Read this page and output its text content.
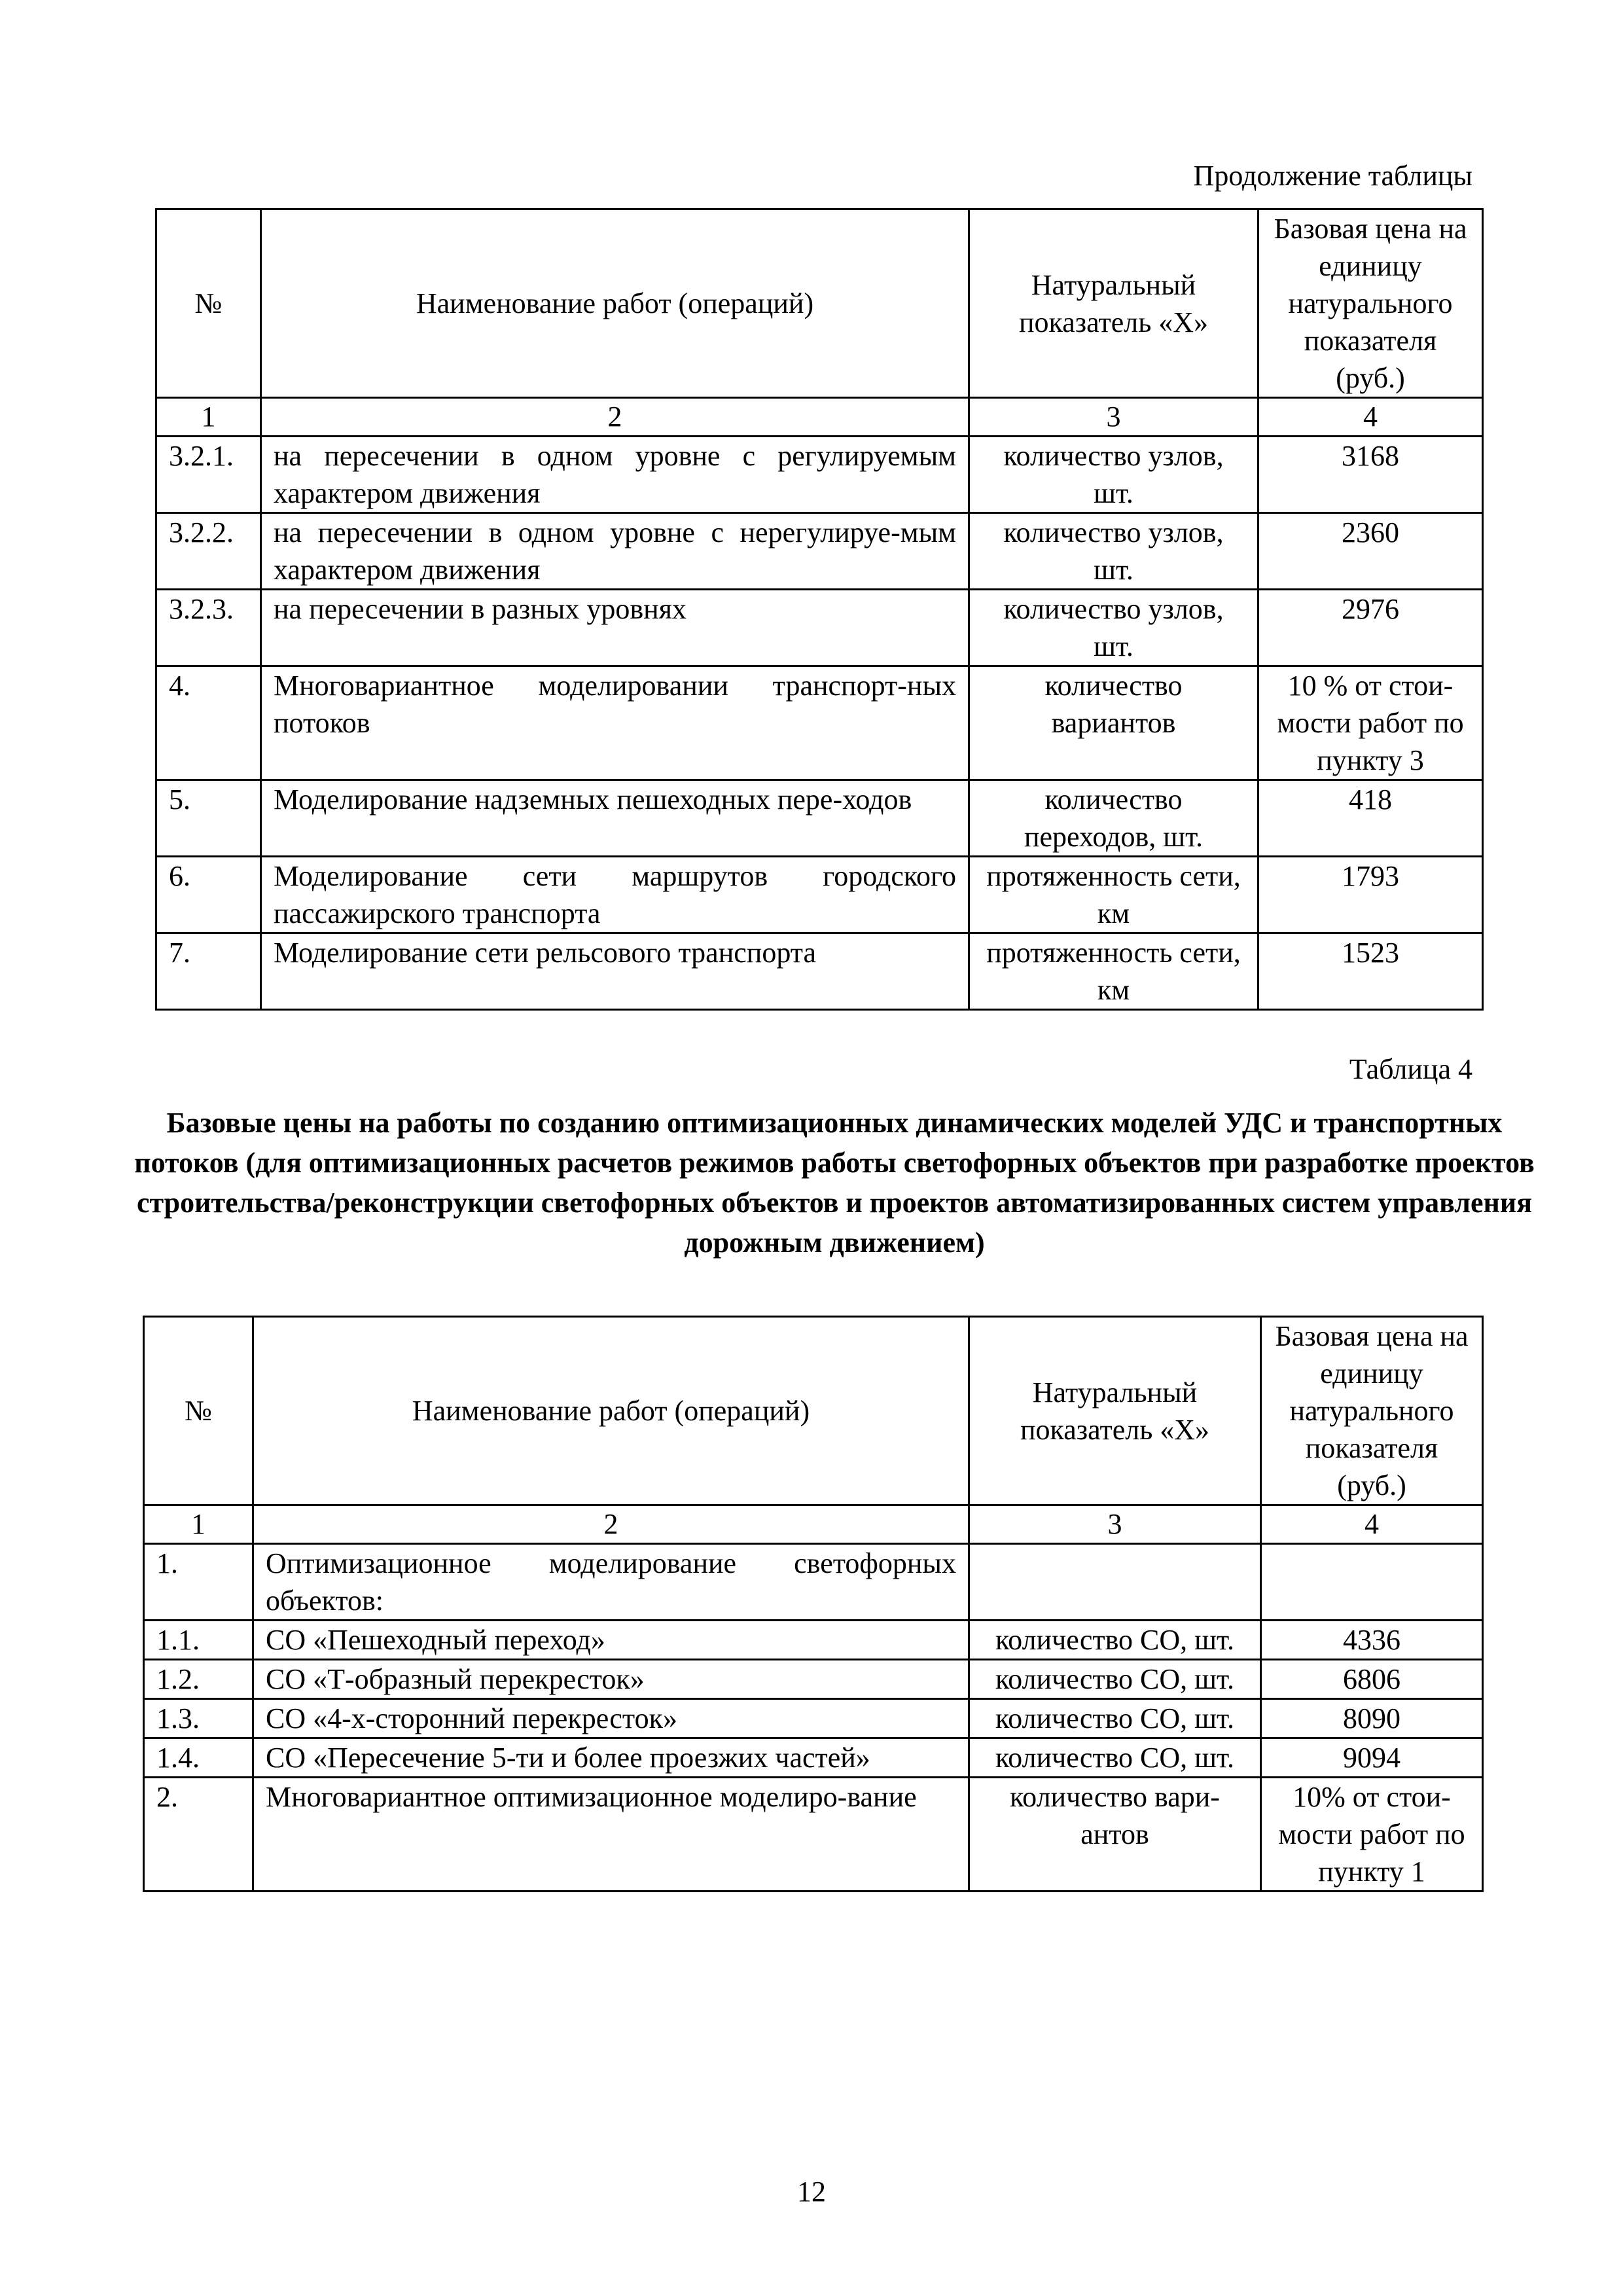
Продолжение таблицы
№	Наименование работ (операций)	Натуральный показатель «Х»	Базовая цена на единицу натурального показателя (руб.)
1	2	3	4
3.2.1.	на пересечении в одном уровне с регулируемым характером движения	количество узлов, шт.	3168
3.2.2.	на пересечении в одном уровне с нерегулируе-мым характером движения	количество узлов, шт.	2360
3.2.3.	на пересечении в разных уровнях	количество узлов, шт.	2976
4.	Многовариантное моделировании транспорт-ных потоков	количество вариантов	10 % от стои-мости работ по пункту 3
5.	Моделирование надземных пешеходных пере-ходов	количество переходов, шт.	418
6.	Моделирование сети маршрутов городского пассажирского транспорта	протяженность сети, км	1793
7.	Моделирование сети рельсового транспорта	протяженность сети, км	1523
Таблица 4
Базовые цены на работы по созданию оптимизационных динамических моделей УДС и транспортных потоков (для оптимизационных расчетов режимов работы светофорных объектов при разработке проектов строительства/реконструкции светофорных объектов и проектов автоматизированных систем управления дорожным движением)
№	Наименование работ (операций)	Натуральный показатель «Х»	Базовая цена на единицу натурального показателя (руб.)
1	2	3	4
1.	Оптимизационное моделирование светофорных объектов:		
1.1.	СО «Пешеходный переход»	количество СО, шт.	4336
1.2.	СО «Т-образный перекресток»	количество СО, шт.	6806
1.3.	СО «4-х-сторонний перекресток»	количество СО, шт.	8090
1.4.	СО «Пересечение 5-ти и более проезжих частей»	количество СО, шт.	9094
2.	Многовариантное оптимизационное моделиро-вание	количество вари-антов	10% от стои-мости работ по пункту 1
12
